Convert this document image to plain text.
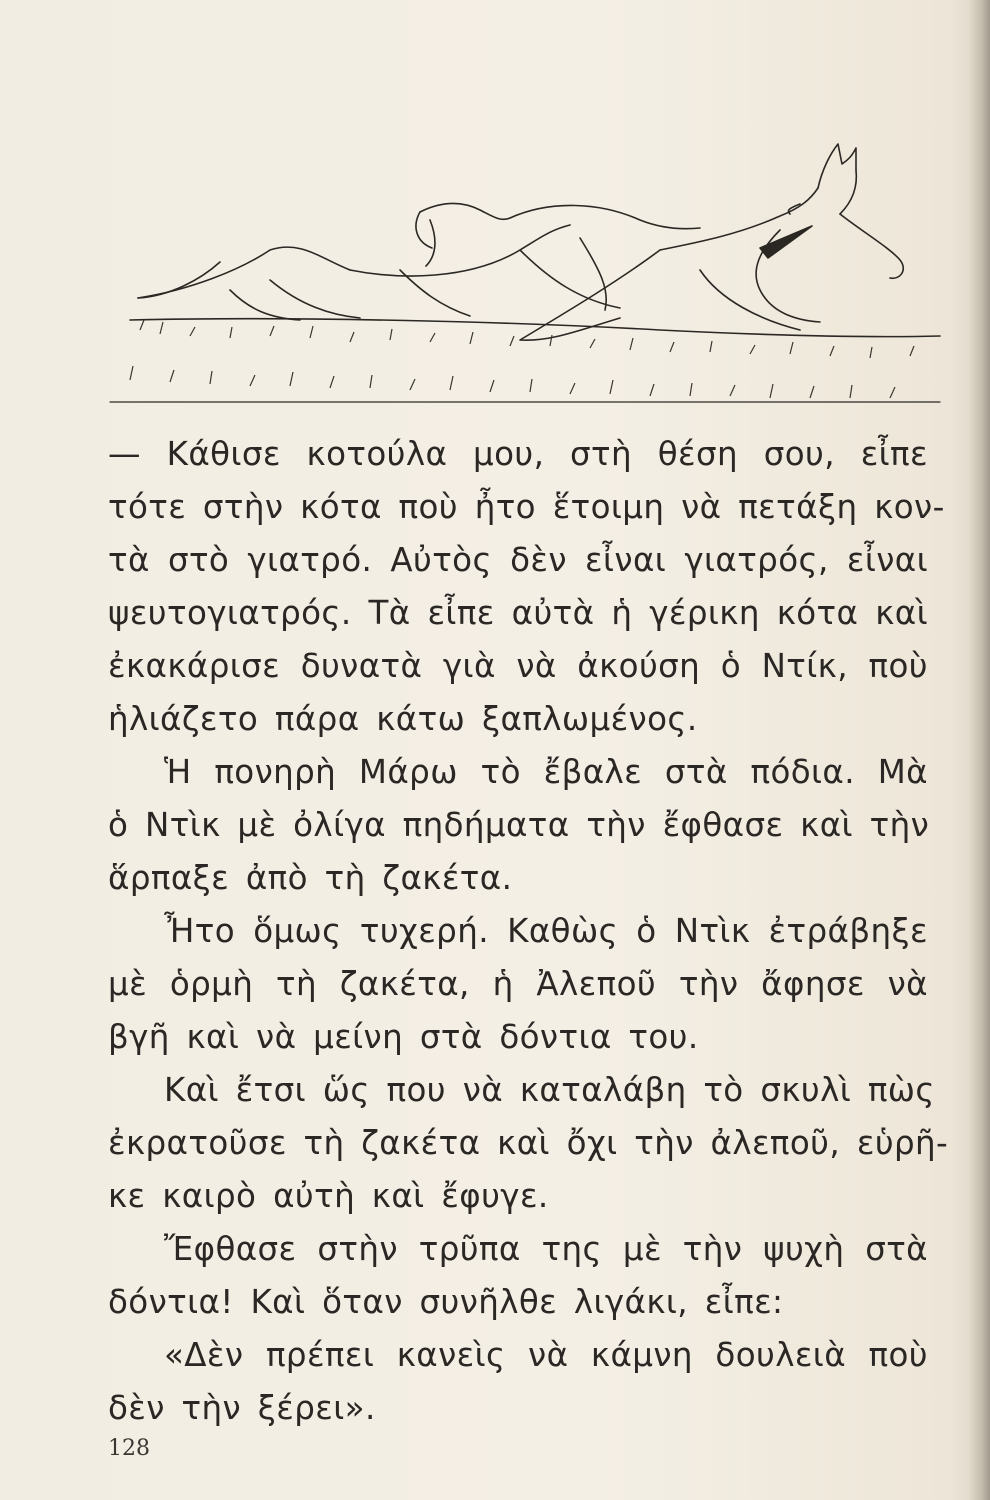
— Κάθισε κοτούλα μου, στὴ θέση σου, εἶπε
τότε στὴν κότα ποὺ ἦτο ἕτοιμη νὰ πετάξη κον-
τὰ στὸ γιατρό. Αὐτὸς δὲν εἶναι γιατρός, εἶναι
ψευτογιατρός. Τὰ εἶπε αὐτὰ ἡ γέρικη κότα καὶ
ἐκακάρισε δυνατὰ γιὰ νὰ ἀκούση ὁ Ντίκ, ποὺ
ἡλιάζετο πάρα κάτω ξαπλωμένος.
Ἡ πονηρὴ Μάρω τὸ ἔβαλε στὰ πόδια. Μὰ
ὁ Ντὶκ μὲ ὀλίγα πηδήματα τὴν ἔφθασε καὶ τὴν
ἅρπαξε ἀπὸ τὴ ζακέτα.
Ἦτο ὅμως τυχερή. Καθὼς ὁ Ντὶκ ἐτράβηξε
μὲ ὁρμὴ τὴ ζακέτα, ἡ Ἀλεποῦ τὴν ἄφησε νὰ
βγῆ καὶ νὰ μείνη στὰ δόντια του.
Καὶ ἔτσι ὥς που νὰ καταλάβη τὸ σκυλὶ πὼς
ἐκρατοῦσε τὴ ζακέτα καὶ ὄχι τὴν ἀλεποῦ, εὑρῆ-
κε καιρὸ αὐτὴ καὶ ἔφυγε.
Ἔφθασε στὴν τρῦπα της μὲ τὴν ψυχὴ στὰ
δόντια! Καὶ ὅταν συνῆλθε λιγάκι, εἶπε:
«Δὲν πρέπει κανεὶς νὰ κάμνη δουλειὰ ποὺ
δὲν τὴν ξέρει».
128
